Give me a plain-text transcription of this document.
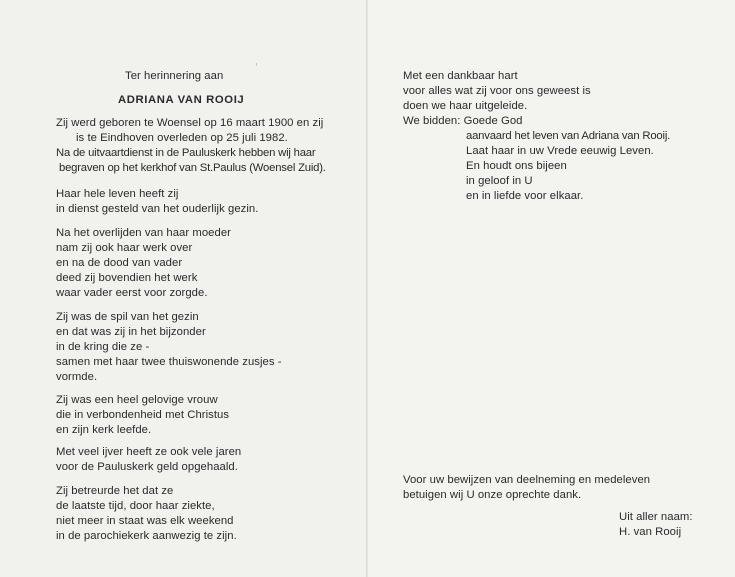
Ter herinnering aan
ADRIANA VAN ROOIJ
ᶦ
Zij werd geboren te Woensel op 16 maart 1900 en zij
is te Eindhoven overleden op 25 juli 1982.
Na de uitvaartdienst in de Pauluskerk hebben wij haar
begraven op het kerkhof van St.Paulus (Woensel Zuid).
Haar hele leven heeft zij
in dienst gesteld van het ouderlijk gezin.
Na het overlijden van haar moeder
nam zij ook haar werk over
en na de dood van vader
deed zij bovendien het werk
waar vader eerst voor zorgde.
Zij was de spil van het gezin
en dat was zij in het bijzonder
in de kring die ze -
samen met haar twee thuiswonende zusjes -
vormde.
Zij was een heel gelovige vrouw
die in verbondenheid met Christus
en zijn kerk leefde.
Met veel ijver heeft ze ook vele jaren
voor de Pauluskerk geld opgehaald.
Zij betreurde het dat ze
de laatste tijd, door haar ziekte,
niet meer in staat was elk weekend
in de parochiekerk aanwezig te zijn.
Met een dankbaar hart
voor alles wat zij voor ons geweest is
doen we haar uitgeleide.
We bidden: Goede God
aanvaard het leven van Adriana van Rooij.
Laat haar in uw Vrede eeuwig Leven.
En houdt ons bijeen
in geloof in U
en in liefde voor elkaar.
Voor uw bewijzen van deelneming en medeleven
betuigen wij U onze oprechte dank.
Uit aller naam:
H. van Rooij
